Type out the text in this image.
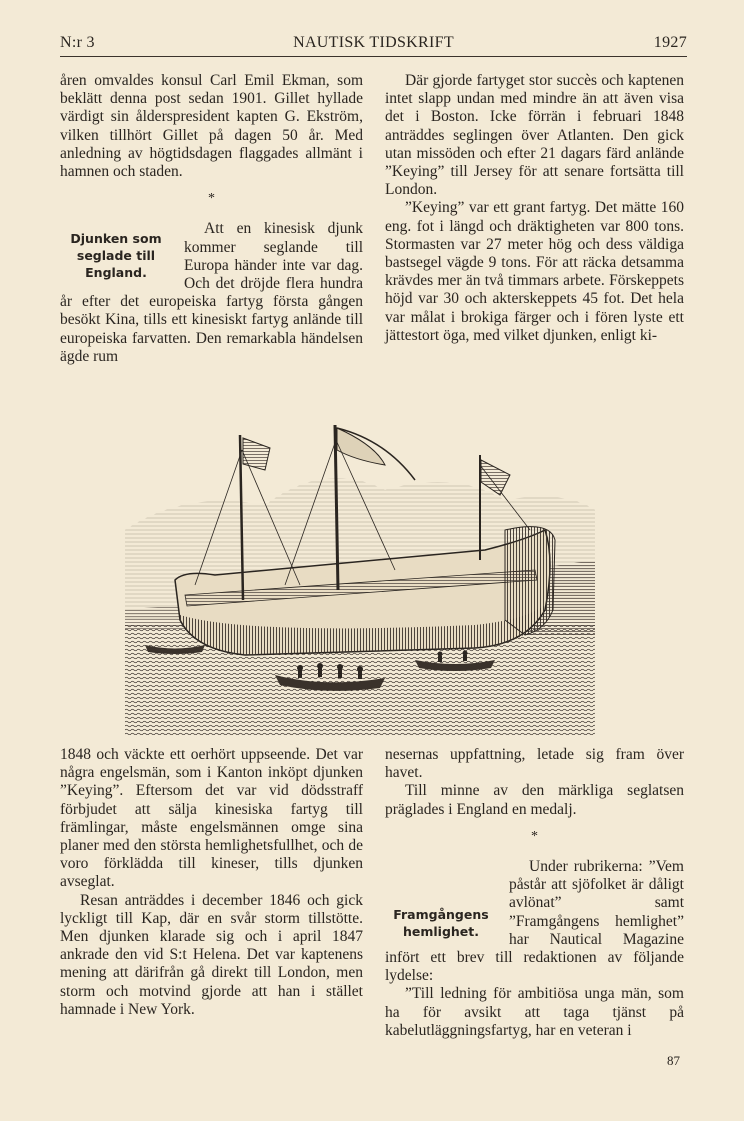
N:r 3	NAUTISK TIDSKRIFT	1927

åren omvaldes konsul Carl Emil Ekman, som beklätt denna post sedan 1901. Gillet hyllade värdigt sin ålderspresident kapten G. Ekström, vilken tillhört Gillet på dagen 50 år. Med anledning av högtidsdagen flaggades allmänt i hamnen och staden.

*

Djunken som seglade till England.

Att en kinesisk djunk kommer seglande till Europa händer inte var dag. Och det dröjde flera hundra år efter det europeiska fartyg första gången besökt Kina, tills ett kinesiskt fartyg anlände till europeiska farvatten. Den remarkabla händelsen ägde rum

Där gjorde fartyget stor succès och kaptenen intet slapp undan med mindre än att även visa det i Boston. Icke förrän i februari 1848 anträddes seglingen över Atlanten. Den gick utan missöden och efter 21 dagars färd anlände ”Keying” till Jersey för att senare fortsätta till London.

”Keying” var ett grant fartyg. Det mätte 160 eng. fot i längd och dräktigheten var 800 tons. Stormasten var 27 meter hög och dess väldiga bastsegel vägde 9 tons. För att räcka detsamma krävdes mer än två timmars arbete. Förskeppets höjd var 30 och akterskeppets 45 fot. Det hela var målat i brokiga färger och i fören lyste ett jättestort öga, med vilket djunken, enligt ki-

1848 och väckte ett oerhört uppseende. Det var några engelsmän, som i Kanton inköpt djunken ”Keying”. Eftersom det var vid dödsstraff förbjudet att sälja kinesiska fartyg till främlingar, måste engelsmännen omge sina planer med den största hemlighetsfullhet, och de voro förklädda till kineser, tills djunken avseglat.

Resan anträddes i december 1846 och gick lyckligt till Kap, där en svår storm tillstötte. Men djunken klarade sig och i april 1847 ankrade den vid S:t Helena. Det var kaptenens mening att därifrån gå direkt till London, men storm och motvind gjorde att han i stället hamnade i New York.

nesernas uppfattning, letade sig fram över havet.

Till minne av den märkliga seglatsen präglades i England en medalj.

*

Framgångens hemlighet.

Under rubrikerna: ”Vem påstår att sjöfolket är dåligt avlönat” samt ”Framgångens hemlighet” har Nautical Magazine infört ett brev till redaktionen av följande lydelse:

”Till ledning för ambitiösa unga män, som ha för avsikt att taga tjänst på kabelutläggningsfartyg, har en veteran i

87
